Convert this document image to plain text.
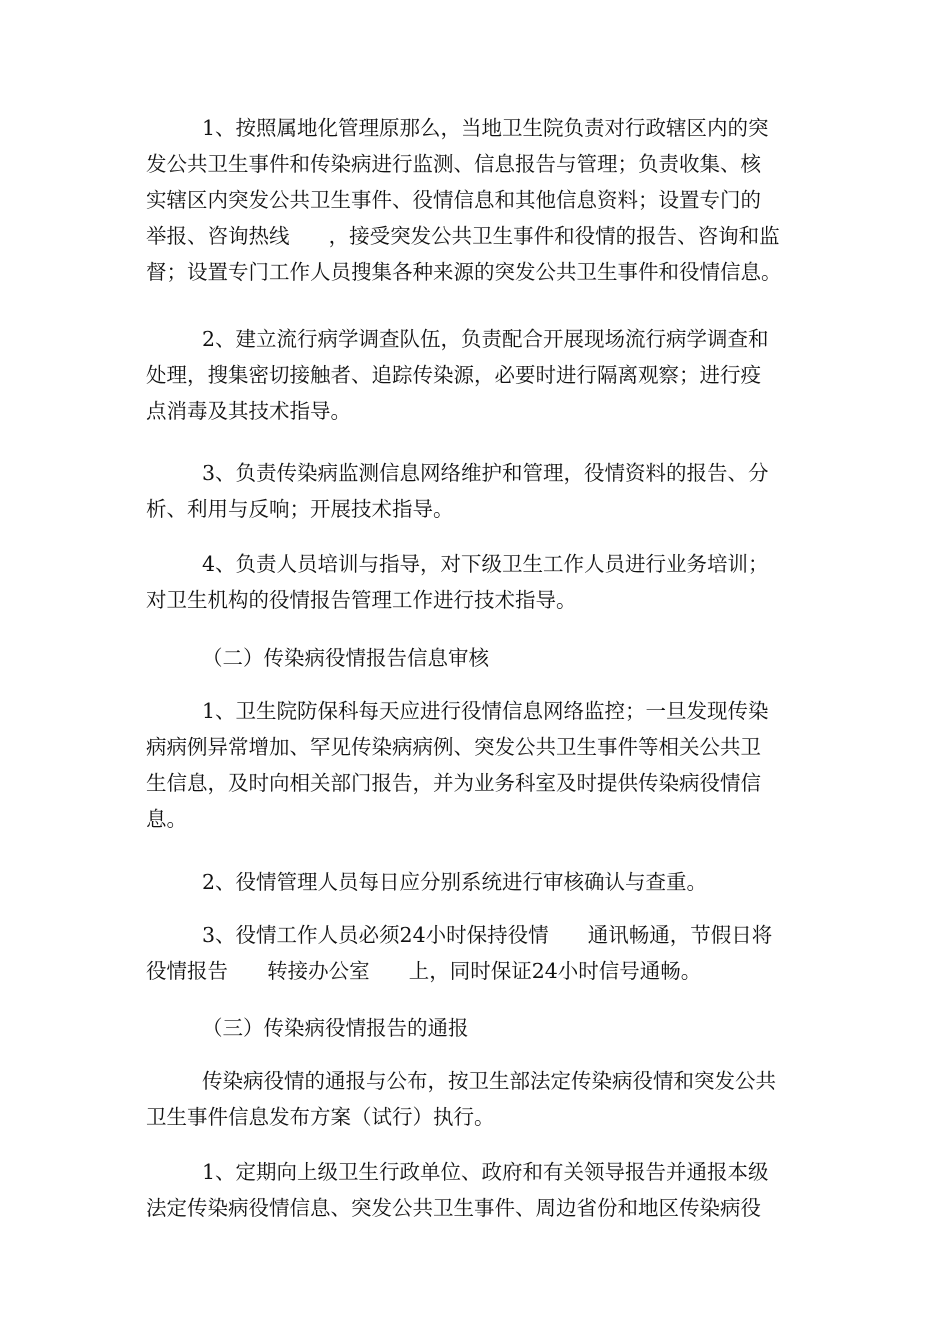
1、按照属地化管理原那么，当地卫生院负责对行政辖区内的突
发公共卫生事件和传染病进行监测、信息报告与管理；负责收集、核
实辖区内突发公共卫生事件、役情信息和其他信息资料；设置专门的
举报、咨询热线      ，接受突发公共卫生事件和役情的报告、咨询和监
督；设置专门工作人员搜集各种来源的突发公共卫生事件和役情信息。
2、建立流行病学调查队伍，负责配合开展现场流行病学调查和
处理，搜集密切接触者、追踪传染源，必要时进行隔离观察；进行疫
点消毒及其技术指导。
3、负责传染病监测信息网络维护和管理，役情资料的报告、分
析、利用与反响；开展技术指导。
4、负责人员培训与指导，对下级卫生工作人员进行业务培训；
对卫生机构的役情报告管理工作进行技术指导。
（二）传染病役情报告信息审核
1、卫生院防保科每天应进行役情信息网络监控；一旦发现传染
病病例异常增加、罕见传染病病例、突发公共卫生事件等相关公共卫
生信息，及时向相关部门报告，并为业务科室及时提供传染病役情信
息。
2、役情管理人员每日应分别系统进行审核确认与查重。
3、役情工作人员必须24小时保持役情      通讯畅通，节假日将
役情报告      转接办公室      上，同时保证24小时信号通畅。
（三）传染病役情报告的通报
传染病役情的通报与公布，按卫生部法定传染病役情和突发公共
卫生事件信息发布方案（试行）执行。
1、定期向上级卫生行政单位、政府和有关领导报告并通报本级
法定传染病役情信息、突发公共卫生事件、周边省份和地区传染病役
